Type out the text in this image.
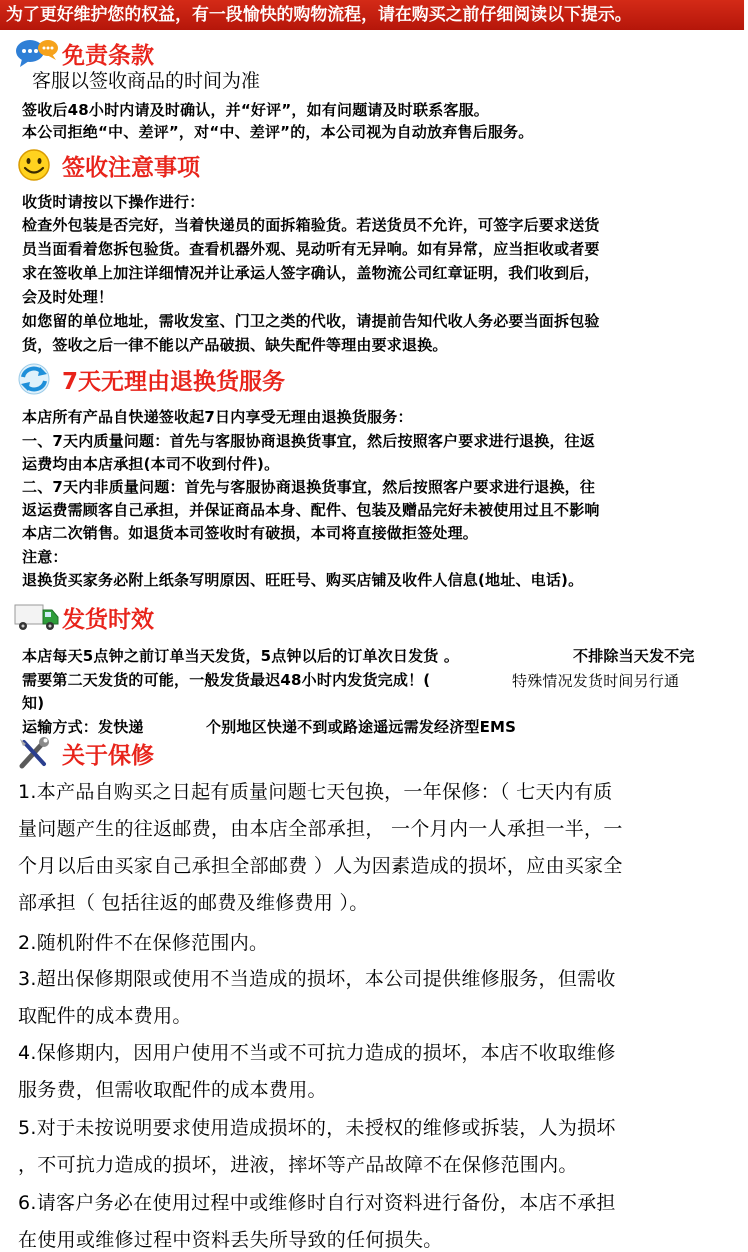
为了更好维护您的权益，有一段愉快的购物流程，请在购买之前仔细阅读以下提示。
免责条款
客服以签收商品的时间为准
签收后48小时内请及时确认，并“好评”，如有问题请及时联系客服。
本公司拒绝“中、差评”，对“中、差评”的，本公司视为自动放弃售后服务。
签收注意事项
收货时请按以下操作进行：
检查外包装是否完好，当着快递员的面拆箱验货。若送货员不允许，可签字后要求送货
员当面看着您拆包验货。查看机器外观、晃动听有无异响。如有异常，应当拒收或者要
求在签收单上加注详细情况并让承运人签字确认，盖物流公司红章证明，我们收到后，
会及时处理！
如您留的单位地址，需收发室、门卫之类的代收，请提前告知代收人务必要当面拆包验
货，签收之后一律不能以产品破损、缺失配件等理由要求退换。
7天无理由退换货服务
本店所有产品自快递签收起7日内享受无理由退换货服务：
一、7天内质量问题：首先与客服协商退换货事宜，然后按照客户要求进行退换，往返
运费均由本店承担(本司不收到付件)。
二、7天内非质量问题：首先与客服协商退换货事宜，然后按照客户要求进行退换，往
返运费需顾客自己承担，并保证商品本身、配件、包装及赠品完好未被使用过且不影响
本店二次销售。如退货本司签收时有破损，本司将直接做拒签处理。
注意：
退换货买家务必附上纸条写明原因、旺旺号、购买店铺及收件人信息(地址、电话)。
发货时效
本店每天5点钟之前订单当天发货，5点钟以后的订单次日发货 。	不排除当天发不完
需要第二天发货的可能，一般发货最迟48小时内发货完成！(	特殊情况发货时间另行通
知)
运输方式：发快递	个别地区快递不到或路途遥远需发经济型EMS
关于保修
1.本产品自购买之日起有质量问题七天包换，一年保修：（ 七天内有质
量问题产生的往返邮费，由本店全部承担， 一个月内一人承担一半，一
个月以后由买家自己承担全部邮费 ）人为因素造成的损坏，应由买家全
部承担（ 包括往返的邮费及维修费用 ）。
2.随机附件不在保修范围内。
3.超出保修期限或使用不当造成的损坏，本公司提供维修服务，但需收
取配件的成本费用。
4.保修期内，因用户使用不当或不可抗力造成的损坏，本店不收取维修
服务费，但需收取配件的成本费用。
5.对于未按说明要求使用造成损坏的，未授权的维修或拆装，人为损坏
，不可抗力造成的损坏，进液，摔坏等产品故障不在保修范围内。
6.请客户务必在使用过程中或维修时自行对资料进行备份，本店不承担
在使用或维修过程中资料丢失所导致的任何损失。
